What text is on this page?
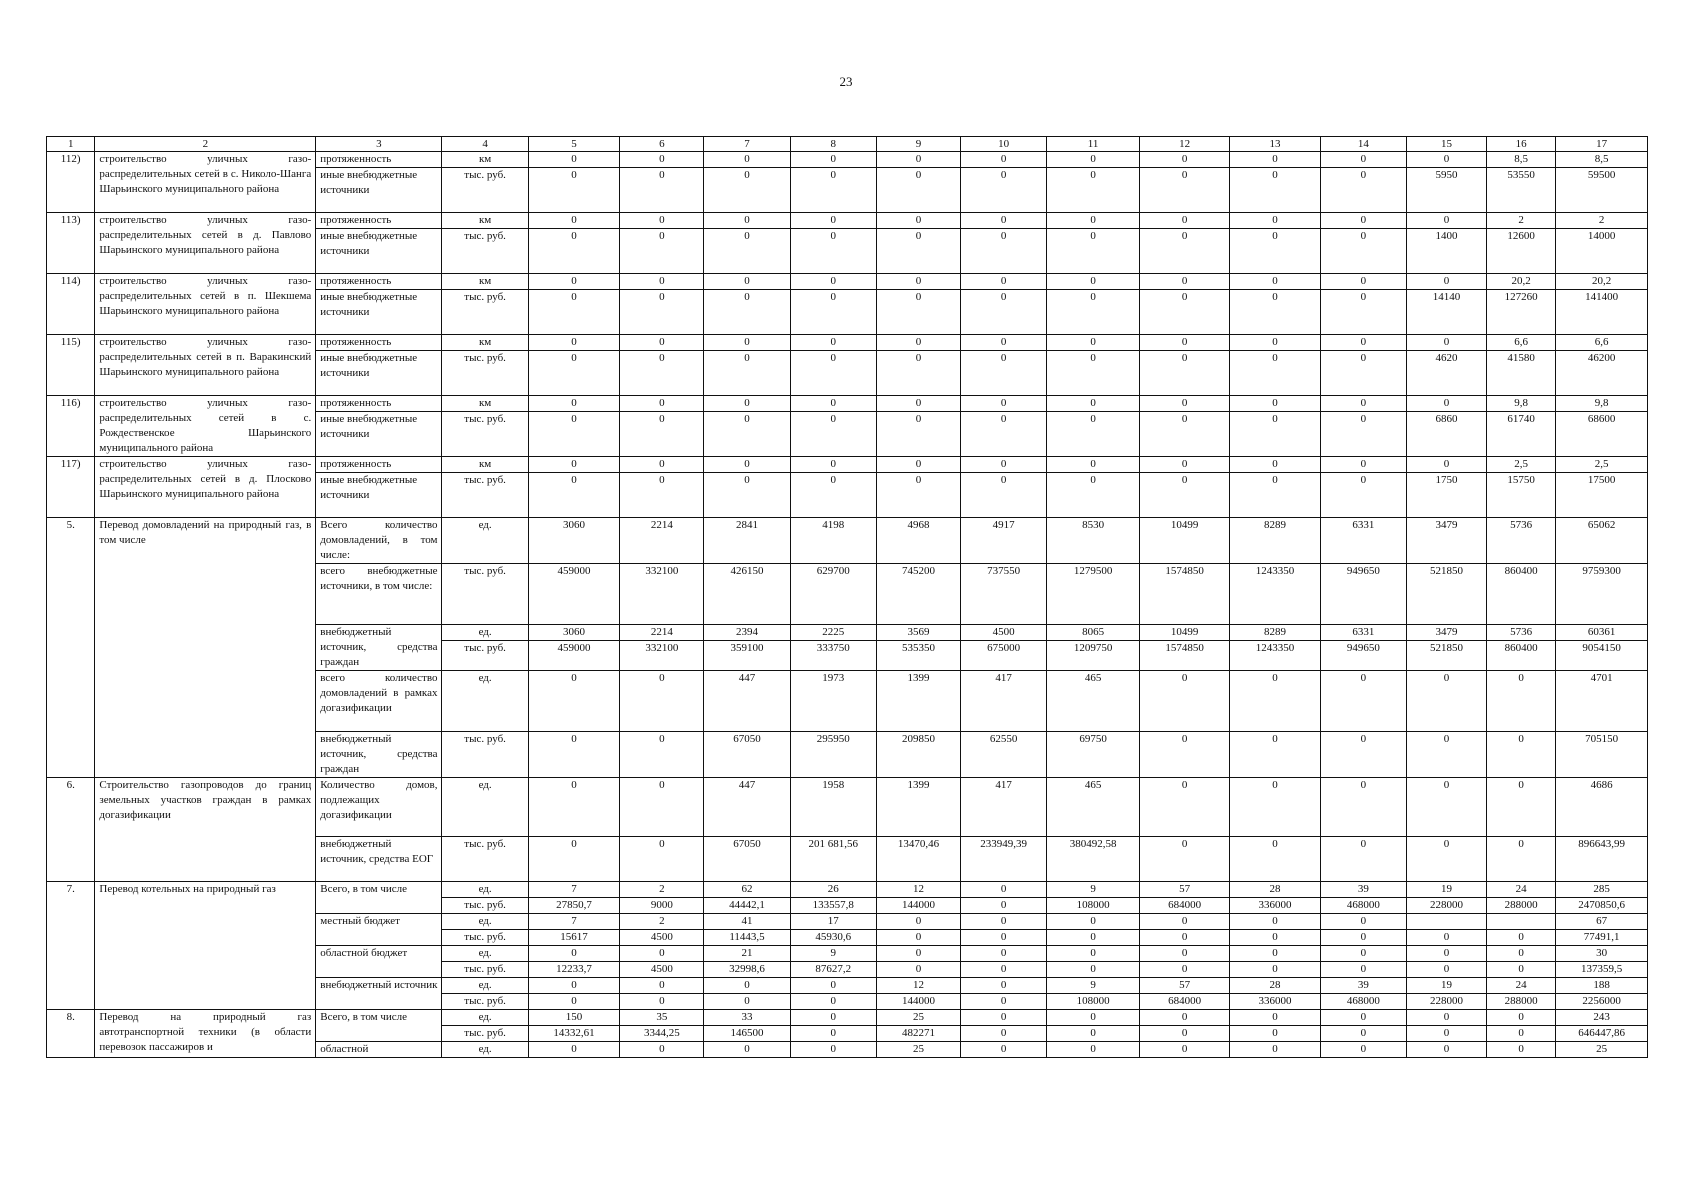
23
1	2	3	4	5	6	7	8	9	10	11	12	13	14	15	16	17
112)	строительство уличных газо-распределительных сетей в с. Николо-Шанга Шарьинского муниципального района	протяженность	км	0	0	0	0	0	0	0	0	0	0	0	8,5	8,5
		иные внебюджетные источники	тыс. руб.	0	0	0	0	0	0	0	0	0	0	5950	53550	59500
113)	строительство уличных газо-распределительных сетей в д. Павлово Шарьинского муниципального района	протяженность	км	0	0	0	0	0	0	0	0	0	0	0	2	2
		иные внебюджетные источники	тыс. руб.	0	0	0	0	0	0	0	0	0	0	1400	12600	14000
114)	строительство уличных газо-распределительных сетей в п. Шекшема Шарьинского муниципального района	протяженность	км	0	0	0	0	0	0	0	0	0	0	0	20,2	20,2
		иные внебюджетные источники	тыс. руб.	0	0	0	0	0	0	0	0	0	0	14140	127260	141400
115)	строительство уличных газо-распределительных сетей в п. Варакинский Шарьинского муниципального района	протяженность	км	0	0	0	0	0	0	0	0	0	0	0	6,6	6,6
		иные внебюджетные источники	тыс. руб.	0	0	0	0	0	0	0	0	0	0	4620	41580	46200
116)	строительство уличных газо-распределительных сетей в с. Рождественское Шарьинского муниципального района	протяженность	км	0	0	0	0	0	0	0	0	0	0	0	9,8	9,8
		иные внебюджетные источники	тыс. руб.	0	0	0	0	0	0	0	0	0	0	6860	61740	68600
117)	строительство уличных газо-распределительных сетей в д. Плосково Шарьинского муниципального района	протяженность	км	0	0	0	0	0	0	0	0	0	0	0	2,5	2,5
		иные внебюджетные источники	тыс. руб.	0	0	0	0	0	0	0	0	0	0	1750	15750	17500
5.	Перевод домовладений на природный газ, в том числе	Всего количество домовладений, в том числе:	ед.	3060	2214	2841	4198	4968	4917	8530	10499	8289	6331	3479	5736	65062
		всего внебюджетные источники, в том числе:	тыс. руб.	459000	332100	426150	629700	745200	737550	1279500	1574850	1243350	949650	521850	860400	9759300
		внебюджетный источник, средства граждан	ед.	3060	2214	2394	2225	3569	4500	8065	10499	8289	6331	3479	5736	60361
			тыс. руб.	459000	332100	359100	333750	535350	675000	1209750	1574850	1243350	949650	521850	860400	9054150
		всего количество домовладений в рамках догазификации	ед.	0	0	447	1973	1399	417	465	0	0	0	0	0	4701
		внебюджетный источник, средства граждан	тыс. руб.	0	0	67050	295950	209850	62550	69750	0	0	0	0	0	705150
6.	Строительство газопроводов до границ земельных участков граждан в рамках догазификации	Количество домов, подлежащих догазификации	ед.	0	0	447	1958	1399	417	465	0	0	0	0	0	4686
		внебюджетный источник, средства ЕОГ	тыс. руб.	0	0	67050	201 681,56	13470,46	233949,39	380492,58	0	0	0	0	0	896643,99
7.	Перевод котельных на природный газ	Всего, в том числе	ед.	7	2	62	26	12	0	9	57	28	39	19	24	285
			тыс. руб.	27850,7	9000	44442,1	133557,8	144000	0	108000	684000	336000	468000	228000	288000	2470850,6
		местный бюджет	ед.	7	2	41	17	0	0	0	0	0	0			67
			тыс. руб.	15617	4500	11443,5	45930,6	0	0	0	0	0	0	0	0	77491,1
		областной бюджет	ед.	0	0	21	9	0	0	0	0	0	0	0	0	30
			тыс. руб.	12233,7	4500	32998,6	87627,2	0	0	0	0	0	0	0	0	137359,5
		внебюджетный источник	ед.	0	0	0	0	12	0	9	57	28	39	19	24	188
			тыс. руб.	0	0	0	0	144000	0	108000	684000	336000	468000	228000	288000	2256000
8.	Перевод на природный газ автотранспортной техники (в области перевозок пассажиров и	Всего, в том числе	ед.	150	35	33	0	25	0	0	0	0	0	0	0	243
			тыс. руб.	14332,61	3344,25	146500	0	482271	0	0	0	0	0	0	0	646447,86
		областной	ед.	0	0	0	0	25	0	0	0	0	0	0	0	25
